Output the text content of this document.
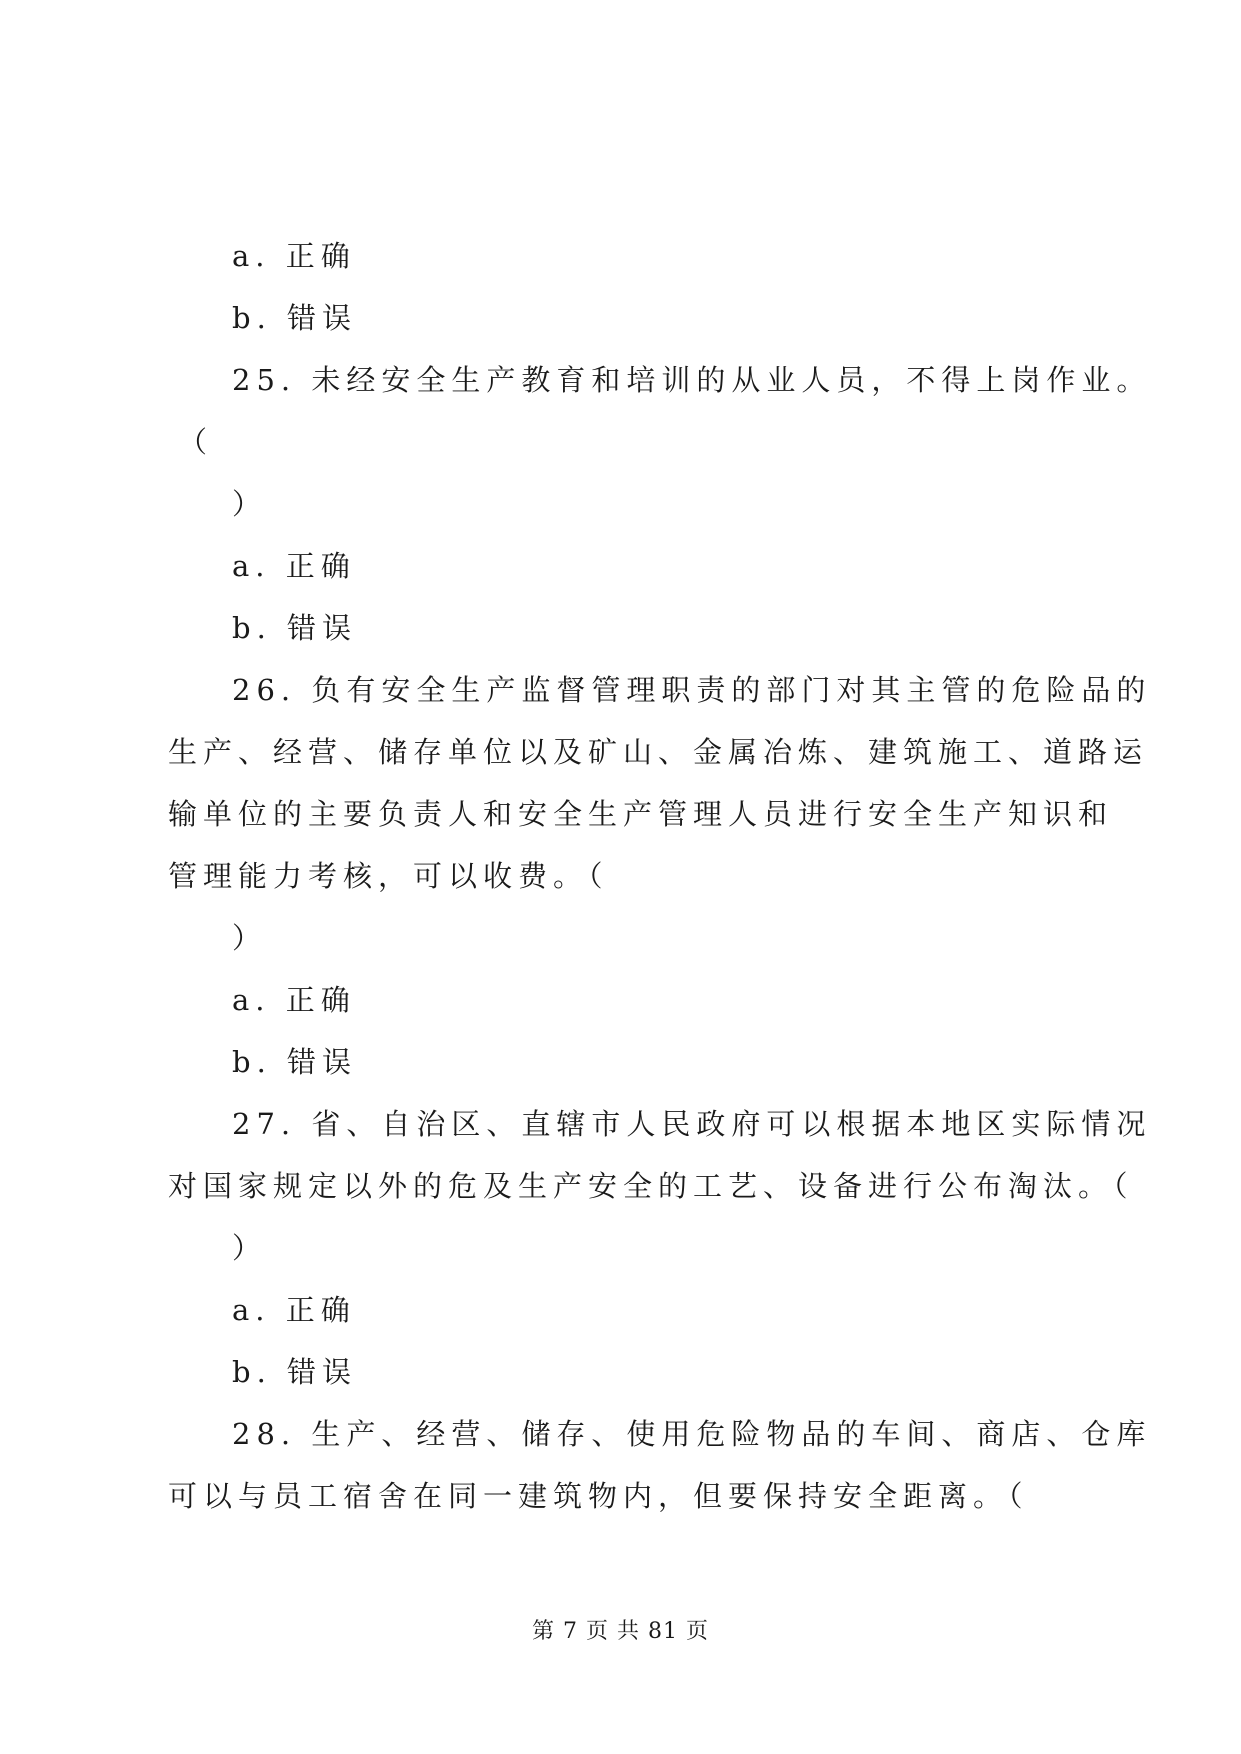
a. 正确
b. 错误
25. 未经安全生产教育和培训的从业人员，不得上岗作业。
（
）
a. 正确
b. 错误
26. 负有安全生产监督管理职责的部门对其主管的危险品的
生产、经营、储存单位以及矿山、金属冶炼、建筑施工、道路运
输单位的主要负责人和安全生产管理人员进行安全生产知识和
管理能力考核，可以收费。（
）
a. 正确
b. 错误
27. 省、自治区、直辖市人民政府可以根据本地区实际情况
对国家规定以外的危及生产安全的工艺、设备进行公布淘汰。（
）
a. 正确
b. 错误
28. 生产、经营、储存、使用危险物品的车间、商店、仓库
可以与员工宿舍在同一建筑物内，但要保持安全距离。（
第 7 页 共 81 页
